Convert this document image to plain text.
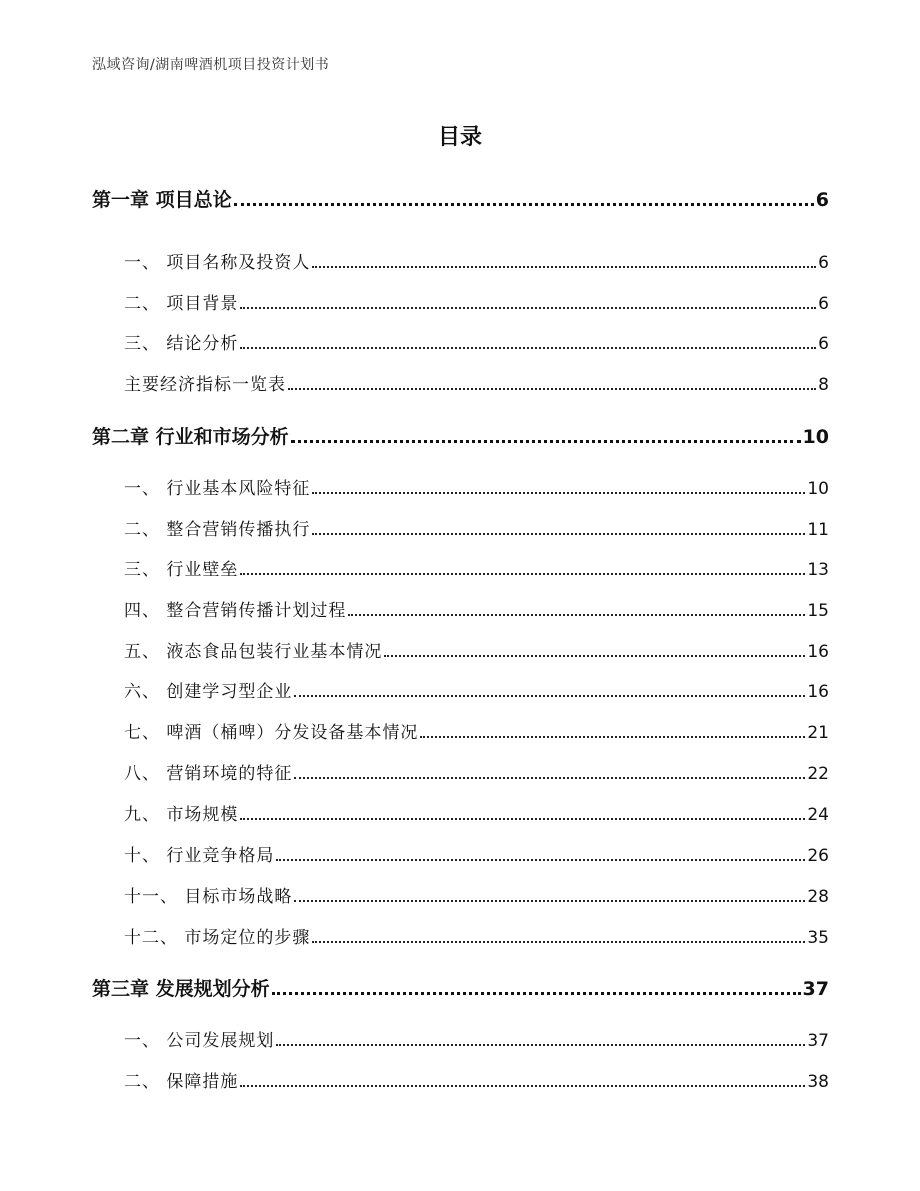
泓域咨询/湖南啤酒机项目投资计划书
目录
第一章 项目总论	6
一、 项目名称及投资人	6
二、 项目背景	6
三、 结论分析	6
主要经济指标一览表	8
第二章 行业和市场分析	10
一、 行业基本风险特征	10
二、 整合营销传播执行	11
三、 行业壁垒	13
四、 整合营销传播计划过程	15
五、 液态食品包装行业基本情况	16
六、 创建学习型企业	16
七、 啤酒（桶啤）分发设备基本情况	21
八、 营销环境的特征	22
九、 市场规模	24
十、 行业竞争格局	26
十一、 目标市场战略	28
十二、 市场定位的步骤	35
第三章 发展规划分析	37
一、 公司发展规划	37
二、 保障措施	38
